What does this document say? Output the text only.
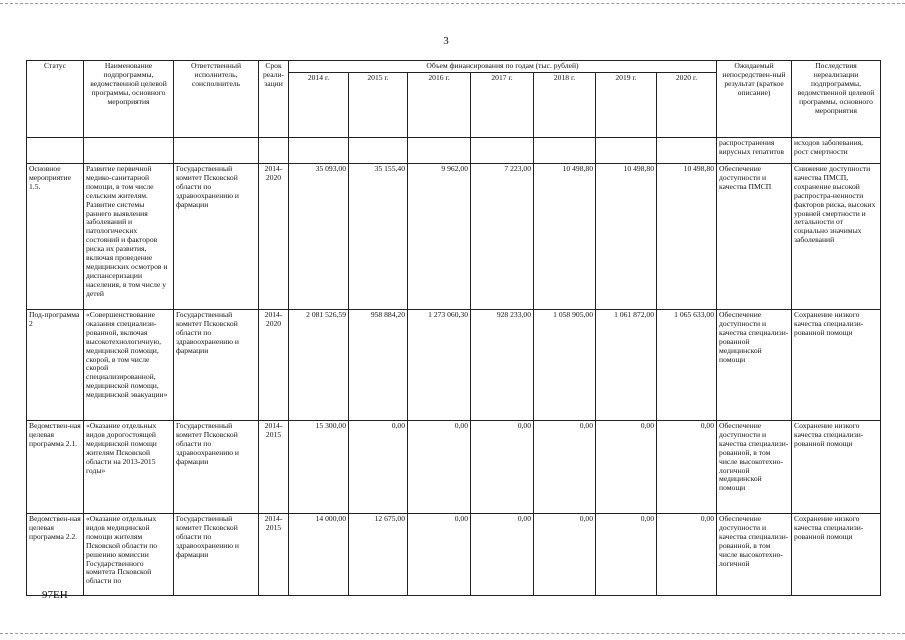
3
Статус	Наименование подпрограммы, ведомственной целевой программы, основного мероприятия	Ответственный исполнитель, соисполнитель	Срок реали-зации	Объем финансирования по годам (тыс. рублей)							Ожидаемый непосредствен-ный результат (краткое описание)	Последствия нереализации подпрограммы, ведомственной целевой программы, основного мероприятия
				2014 г.	2015 г.	2016 г.	2017 г.	2018 г.	2019 г.	2020 г.		
											распространения вирусных гепатитов	исходов заболевания, рост смертности
Основное мероприятие 1.5.	Развитие первичной медико-санитарной помощи, в том числе сельским жителям. Развитие системы раннего выявления заболеваний и патологических состояний и факторов риска их развития, включая проведение медицинских осмотров и диспансеризации населения, в том числе у детей	Государственный комитет Псковской области по здравоохранению и фармации	2014-2020	35 093,00	35 155,40	9 962,00	7 223,00	10 498,80	10 498,80	10 498,80	Обеспечение доступности и качества ПМСП	Снижение доступности качества ПМСП, сохранение высокой распростра-ненности факторов риска, высоких уровней смертности и летальности от социально значимых заболеваний
Под-программа 2	«Совершенствование оказания специализи-рованной, включая высокотехнологичную, медицинской помощи, скорой, в том числе скорой специализированной, медицинской помощи, медицинской эвакуации»	Государственный комитет Псковской области по здравоохранению и фармации	2014-2020	2 081 526,59	958 884,20	1 273 060,30	928 233,00	1 058 905,00	1 061 872,00	1 065 633,00	Обеспечение доступности и качества специализи-рованной медицинской помощи	Сохранение низкого качества специализи-рованной помощи
Ведомствен-ная целевая программа 2.1.	«Оказание отдельных видов дорогостоящей медицинской помощи жителям Псковской области на 2013-2015 годы»	Государственный комитет Псковской области по здравоохранению и фармации	2014-2015	15 300,00	0,00	0,00	0,00	0,00	0,00	0,00	Обеспечение доступности и качества специализи-рованной, в том числе высокотехно-логичной медицинской помощи	Сохранение низкого качества специализи-рованной помощи
Ведомствен-ная целевая программа 2.2.	«Оказание отдельных видов медицинской помощи жителям Псковской области по решению комиссии Государственного комитета Псковской области по	Государственный комитет Псковской области по здравоохранению и фармации	2014-2015	14 000,00	12 675,00	0,00	0,00	0,00	0,00	0,00	Обеспечение доступности и качества специализи-рованной, в том числе высокотехно-логичной	Сохранение низкого качества специализи-рованной помощи
97ЕН
